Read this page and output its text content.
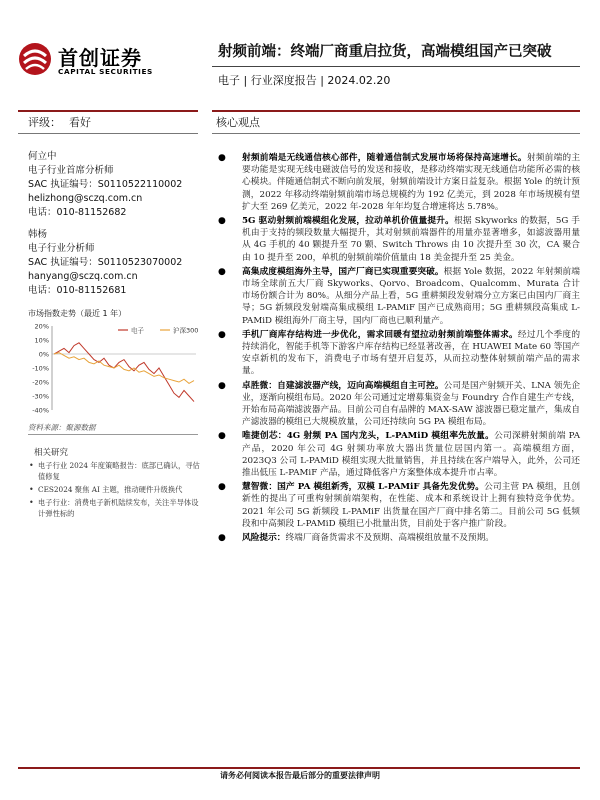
首创证券
CAPITAL SECURITIES
射频前端：终端厂商重启拉货，高端模组国产已突破
电子 | 行业深度报告 | 2024.02.20
评级： 看好	核心观点
何立中
电子行业首席分析师
SAC 执证编号：S0110522110002
helizhong@sczq.com.cn
电话：010-81152682
韩杨
电子行业分析师
SAC 执证编号：S0110523070002
hanyang@sczq.com.cn
电话：010-81152681
市场指数走势（最近 1 年）
20%
10%
0%
-10%
-20%
-30%
-40%
电子	沪深300
资料来源：聚源数据
相关研究
• 电子行业 2024 年度策略报告：底部已确认，寻估值修复
• CES2024 聚焦 AI 主题，推动硬件升级换代
• 电子行业：消费电子新机陆续发布，关注半导体设计弹性标的
● 射频前端是无线通信核心部件，随着通信制式发展市场将保持高速增长。射频前端的主要功能是实现无线电磁波信号的发送和接收，是移动终端实现无线通信功能所必需的核心模块。伴随通信制式不断向前发展，射频前端设计方案日益复杂。根据 Yole 的统计预测，2022 年移动终端射频前端市场总规模约为 192 亿美元，到 2028 年市场规模有望扩大至 269 亿美元，2022 年-2028 年年均复合增速将达 5.78%。
● 5G 驱动射频前端模组化发展，拉动单机价值量提升。根据 Skyworks 的数据，5G 手机由于支持的频段数量大幅提升，其对射频前端器件的用量亦显著增多，如滤波器用量从 4G 手机的 40 颗提升至 70 颗、Switch Throws 由 10 次提升至 30 次，CA 聚合由 10 提升至 200，单机的射频前端价值量由 18 美金提升至 25 美金。
● 高集成度模组海外主导，国产厂商已实现重要突破。根据 Yole 数据，2022 年射频前端市场全球前五大厂商 Skyworks、Qorvo、Broadcom、Qualcomm、Murata 合计市场份额合计为 80%。从细分产品上看，5G 重耕频段发射端分立方案已由国内厂商主导；5G 新频段发射端高集成模组 L-PAMiF 国产已成熟商用；5G 重耕频段高集成 L-PAMiD 模组海外厂商主导，国内厂商也已顺利量产。
● 手机厂商库存结构进一步优化，需求回暖有望拉动射频前端整体需求。经过几个季度的持续消化，智能手机等下游客户库存结构已经显著改善，在 HUAWEI Mate 60 等国产安卓新机的发布下，消费电子市场有望开启复苏，从而拉动整体射频前端产品的需求量。
● 卓胜微：自建滤波器产线，迈向高端模组自主可控。公司是国产射频开关、LNA 领先企业，逐渐向模组布局。2020 年公司通过定增募集资金与 Foundry 合作自建生产专线，开始布局高端滤波器产品。目前公司自有品牌的 MAX-SAW 滤波器已稳定量产，集成自产滤波器的模组已大规模放量，公司还持续向 5G PA 模组布局。
● 唯捷创芯：4G 射频 PA 国内龙头，L-PAMiD 模组率先放量。公司深耕射频前端 PA 产品，2020 年公司 4G 射频功率放大器出货量位居国内第一。高端模组方面，2023Q3 公司 L-PAMiD 模组实现大批量销售，并且持续在客户端导入，此外，公司还推出低压 L-PAMiF 产品，通过降低客户方案整体成本提升市占率。
● 慧智微：国产 PA 模组新秀，双模 L-PAMiF 具备先发优势。公司主营 PA 模组，且创新性的提出了可重构射频前端架构，在性能、成本和系统设计上拥有独特竞争优势。2021 年公司 5G 新频段 L-PAMiF 出货量在国产厂商中排名第二。目前公司 5G 低频段和中高频段 L-PAMiD 模组已小批量出货，目前处于客户推广阶段。
● 风险提示：终端厂商备货需求不及预期、高端模组放量不及预期。
请务必何阅读本报告最后部分的重要法律声明
